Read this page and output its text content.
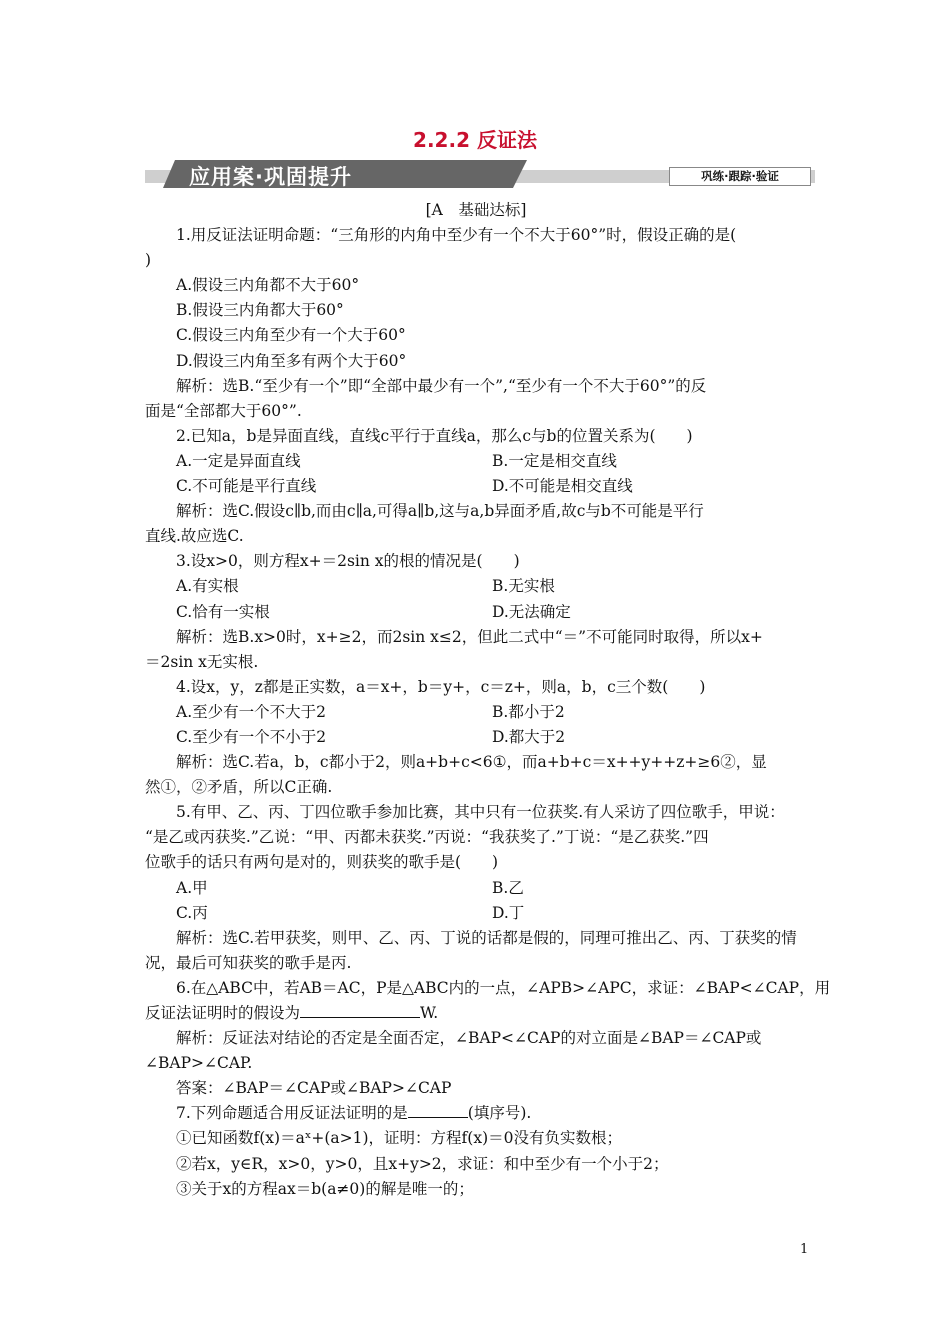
2.2.2 反证法
应用案·巩固提升	巩练·跟踪·验证
[A　基础达标]
1.用反证法证明命题：“三角形的内角中至少有一个不大于60°”时，假设正确的是(
)
A.假设三内角都不大于60°
B.假设三内角都大于60°
C.假设三内角至少有一个大于60°
D.假设三内角至多有两个大于60°
解析：选B.“至少有一个”即“全部中最少有一个”,“至少有一个不大于60°”的反
面是“全部都大于60°”.
2.已知a，b是异面直线，直线c平行于直线a，那么c与b的位置关系为(　　)
A.一定是异面直线	B.一定是相交直线
C.不可能是平行直线	D.不可能是相交直线
解析：选C.假设c∥b,而由c∥a,可得a∥b,这与a,b异面矛盾,故c与b不可能是平行
直线.故应选C.
3.设x>0，则方程x+＝2sin x的根的情况是(　　)
A.有实根	B.无实根
C.恰有一实根	D.无法确定
解析：选B.x>0时，x+≥2，而2sin x≤2，但此二式中“＝”不可能同时取得，所以x+
＝2sin x无实根.
4.设x，y，z都是正实数，a＝x+，b＝y+，c＝z+，则a，b，c三个数(　　)
A.至少有一个不大于2	B.都小于2
C.至少有一个不小于2	D.都大于2
解析：选C.若a，b，c都小于2，则a+b+c<6①，而a+b+c＝x++y++z+≥6②，显
然①，②矛盾，所以C正确.
5.有甲、乙、丙、丁四位歌手参加比赛，其中只有一位获奖.有人采访了四位歌手，甲说：
“是乙或丙获奖.”乙说：“甲、丙都未获奖.”丙说：“我获奖了.”丁说：“是乙获奖.”四
位歌手的话只有两句是对的，则获奖的歌手是(　　)
A.甲	B.乙
C.丙	D.丁
解析：选C.若甲获奖，则甲、乙、丙、丁说的话都是假的，同理可推出乙、丙、丁获奖的情
况，最后可知获奖的歌手是丙.
6.在△ABC中，若AB＝AC，P是△ABC内的一点，∠APB>∠APC，求证：∠BAP<∠CAP，用
反证法证明时的假设为	W.
解析：反证法对结论的否定是全面否定，∠BAP<∠CAP的对立面是∠BAP＝∠CAP或
∠BAP>∠CAP.
答案：∠BAP＝∠CAP或∠BAP>∠CAP
7.下列命题适合用反证法证明的是	(填序号).
①已知函数f(x)＝aˣ+(a>1)，证明：方程f(x)＝0没有负实数根；
②若x，y∈R，x>0，y>0，且x+y>2，求证：和中至少有一个小于2；
③关于x的方程ax＝b(a≠0)的解是唯一的；
1
